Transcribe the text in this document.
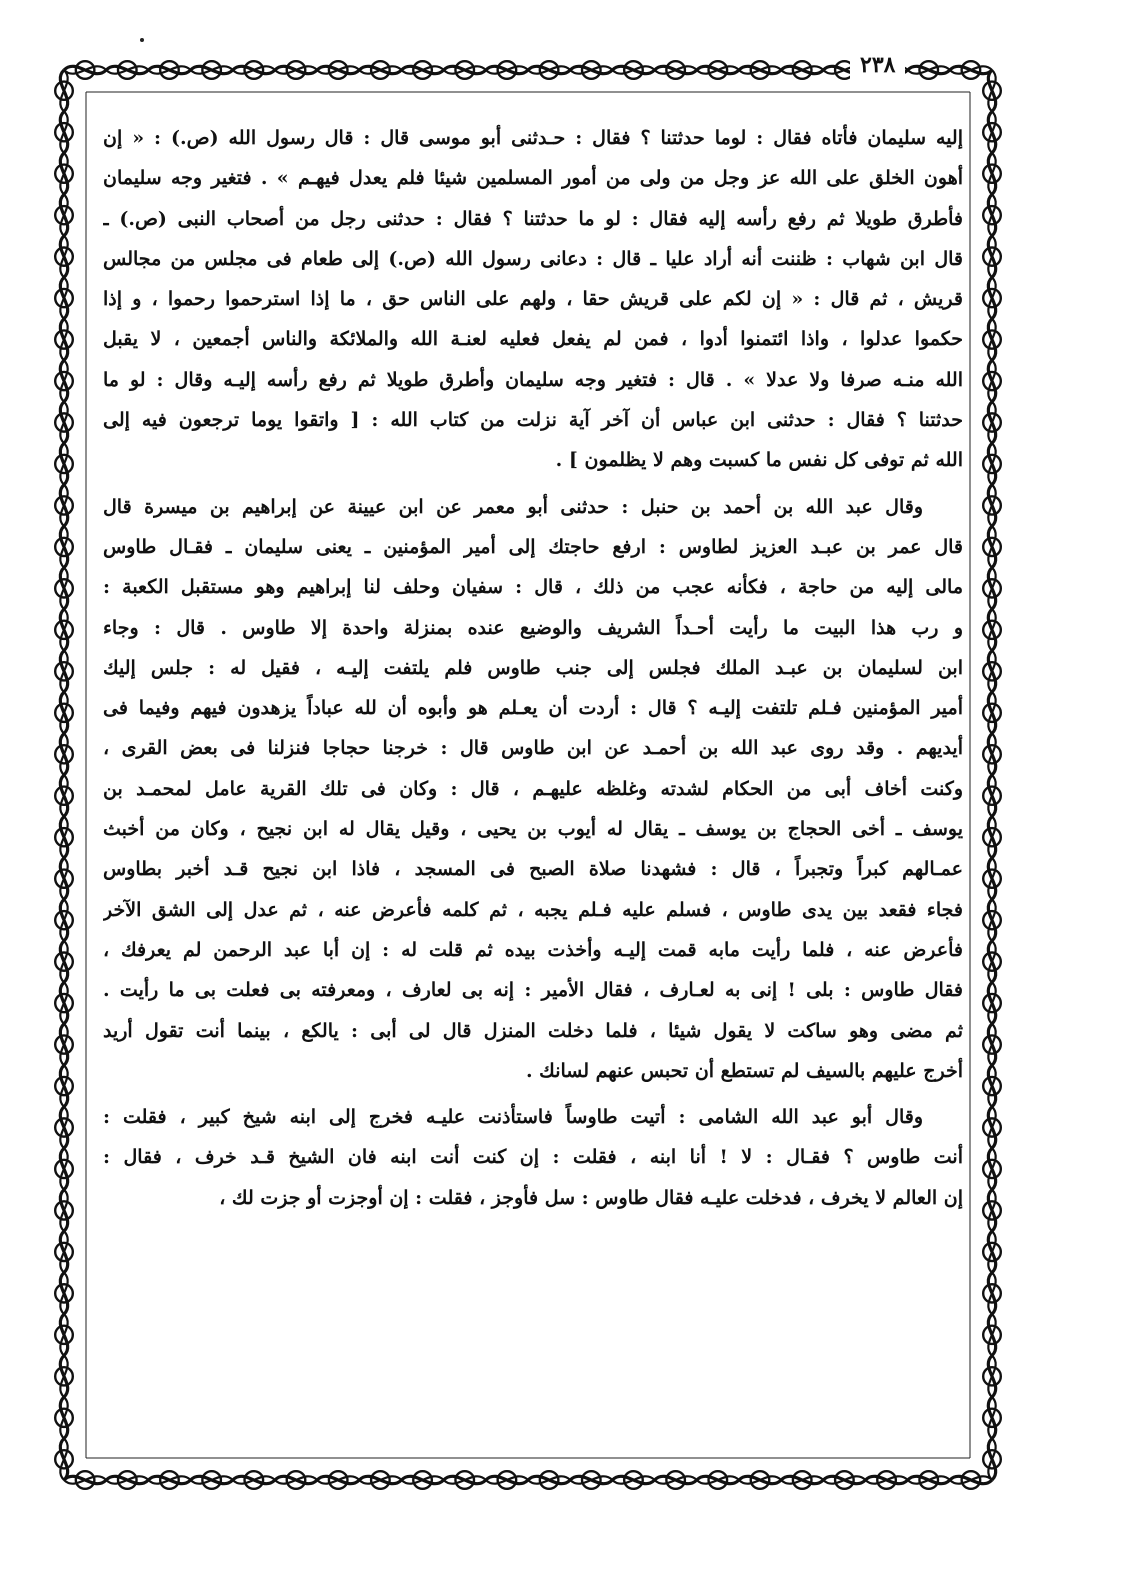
٢٣٨
إليه سليمان فأتاه فقال : لوما حدثتنا ؟ فقال : حـدثنى أبو موسى قال : قال رسول الله (ص.) : « إن
أهون الخلق على الله عز وجل من ولى من أمور المسلمين شيئا فلم يعدل فيهـم » . فتغير وجه سليمان
فأطرق طويلا ثم رفع رأسه إليه فقال : لو ما حدثتنا ؟ فقال : حدثنى رجل من أصحاب النبى (ص.) ـ
قال ابن شهاب : ظننت أنه أراد عليا ـ قال : دعانى رسول الله (ص.) إلى طعام فى مجلس من مجالس
قريش ، ثم قال : « إن لكم على قريش حقا ، ولهم على الناس حق ، ما إذا استرحموا رحموا ، و إذا
حكموا عدلوا ، واذا ائتمنوا أدوا ، فمن لم يفعل فعليه لعنـة الله والملائكة والناس أجمعين ، لا يقبل
الله منـه صرفا ولا عدلا » . قال : فتغير وجه سليمان وأطرق طويلا ثم رفع رأسه إليـه وقال : لو ما
حدثتنا ؟ فقال : حدثنى ابن عباس أن آخر آية نزلت من كتاب الله : [ واتقوا يوما ترجعون فيه إلى
الله ثم توفى كل نفس ما كسبت وهم لا يظلمون ] .
وقال عبد الله بن أحمد بن حنبل : حدثنى أبو معمر عن ابن عيينة عن إبراهيم بن ميسرة قال
قال عمر بن عبـد العزيز لطاوس : ارفع حاجتك إلى أمير المؤمنين ـ يعنى سليمان ـ فقـال طاوس
مالى إليه من حاجة ، فكأنه عجب من ذلك ، قال : سفيان وحلف لنا إبراهيم وهو مستقبل الكعبة :
و رب هذا البيت ما رأيت أحـداً الشريف والوضيع عنده بمنزلة واحدة إلا طاوس . قال : وجاء
ابن لسليمان بن عبـد الملك فجلس إلى جنب طاوس فلم يلتفت إليـه ، فقيل له : جلس إليك
أمير المؤمنين فـلم تلتفت إليـه ؟ قال : أردت أن يعـلم هو وأبوه أن لله عباداً يزهدون فيهم وفيما فى
أيديهم . وقد روى عبد الله بن أحمـد عن ابن طاوس قال : خرجنا حجاجا فنزلنا فى بعض القرى ،
وكنت أخاف أبى من الحكام لشدته وغلظه عليهـم ، قال : وكان فى تلك القرية عامل لمحمـد بن
يوسف ـ أخى الحجاج بن يوسف ـ يقال له أيوب بن يحيى ، وقيل يقال له ابن نجيح ، وكان من أخبث
عمـالهم كبراً وتجبراً ، قال : فشهدنا صلاة الصبح فى المسجد ، فاذا ابن نجيح قـد أخبر بطاوس
فجاء فقعد بين يدى طاوس ، فسلم عليه فـلم يجبه ، ثم كلمه فأعرض عنه ، ثم عدل إلى الشق الآخر
فأعرض عنه ، فلما رأيت مابه قمت إليـه وأخذت بيده ثم قلت له : إن أبا عبد الرحمن لم يعرفك ،
فقال طاوس : بلى ! إنى به لعـارف ، فقال الأمير : إنه بى لعارف ، ومعرفته بى فعلت بى ما رأيت .
ثم مضى وهو ساكت لا يقول شيئا ، فلما دخلت المنزل قال لى أبى : يالكع ، بينما أنت تقول أريد
أخرج عليهم بالسيف لم تستطع أن تحبس عنهم لسانك .
وقال أبو عبد الله الشامى : أتيت طاوساً فاستأذنت عليـه فخرج إلى ابنه شيخ كبير ، فقلت :
أنت طاوس ؟ فقـال : لا ! أنا ابنه ، فقلت : إن كنت أنت ابنه فان الشيخ قـد خرف ، فقال :
إن العالم لا يخرف ، فدخلت عليـه فقال طاوس : سل فأوجز ، فقلت : إن أوجزت أو جزت لك ،
